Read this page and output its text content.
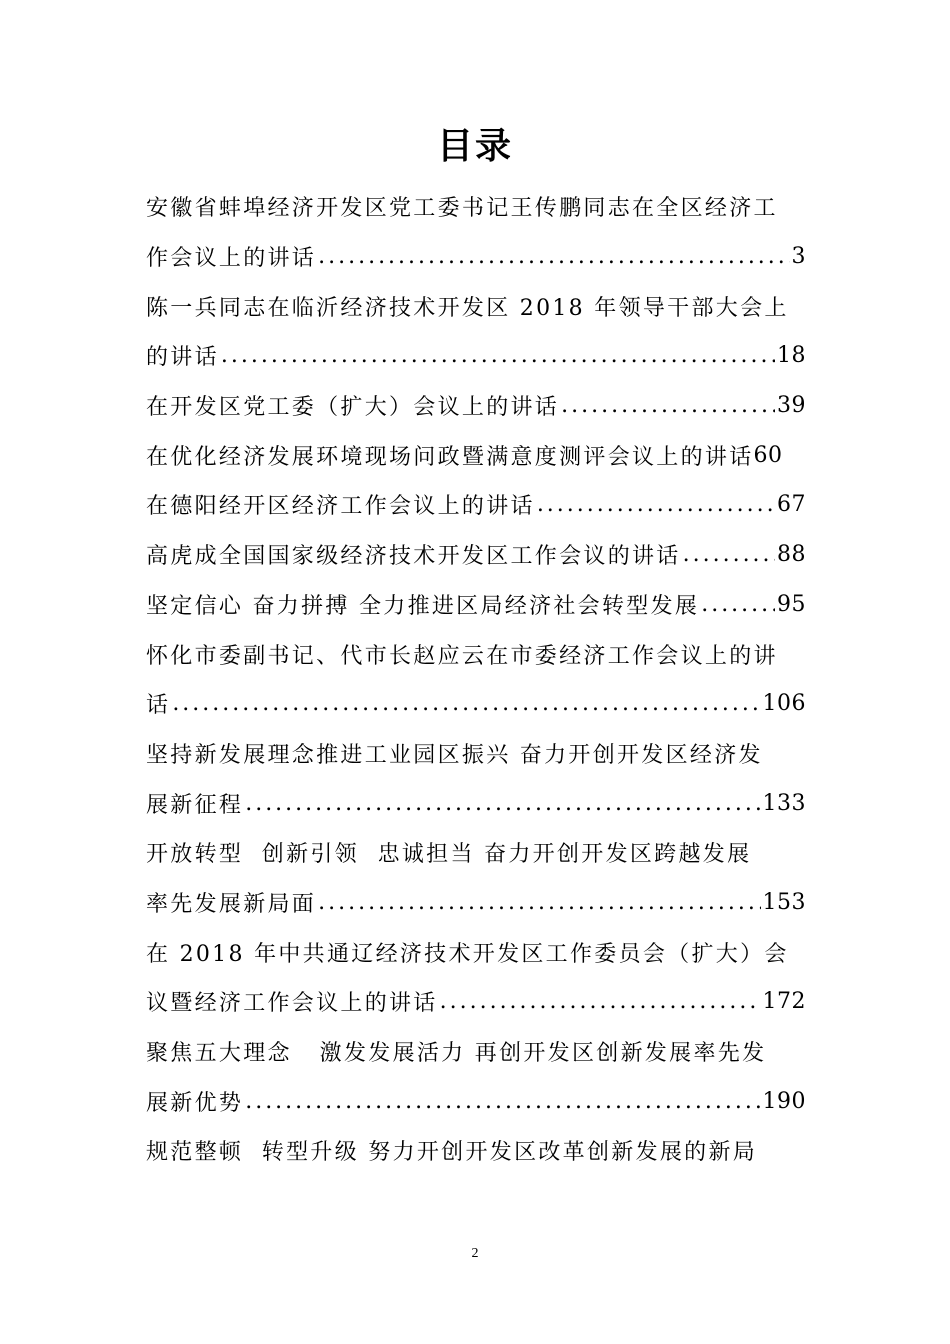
目录
安徽省蚌埠经济开发区党工委书记王传鹏同志在全区经济工
作会议上的讲话 .....	3
陈一兵同志在临沂经济技术开发区 2018 年领导干部大会上
的讲话 .....	18
在开发区党工委（扩大）会议上的讲话 .....	39
在优化经济发展环境现场问政暨满意度测评会议上的讲话 60
在德阳经开区经济工作会议上的讲话 .....	67
高虎成全国国家级经济技术开发区工作会议的讲话 .....	88
坚定信心 奋力拼搏 全力推进区局经济社会转型发展 .....	95
怀化市委副书记、代市长赵应云在市委经济工作会议上的讲
话 .....	106
坚持新发展理念推进工业园区振兴 奋力开创开发区经济发
展新征程 .....	133
开放转型  创新引领  忠诚担当 奋力开创开发区跨越发展
率先发展新局面 .....	153
在 2018 年中共通辽经济技术开发区工作委员会（扩大）会
议暨经济工作会议上的讲话 .....	172
聚焦五大理念   激发发展活力 再创开发区创新发展率先发
展新优势 .....	190
规范整顿  转型升级 努力开创开发区改革创新发展的新局
2
